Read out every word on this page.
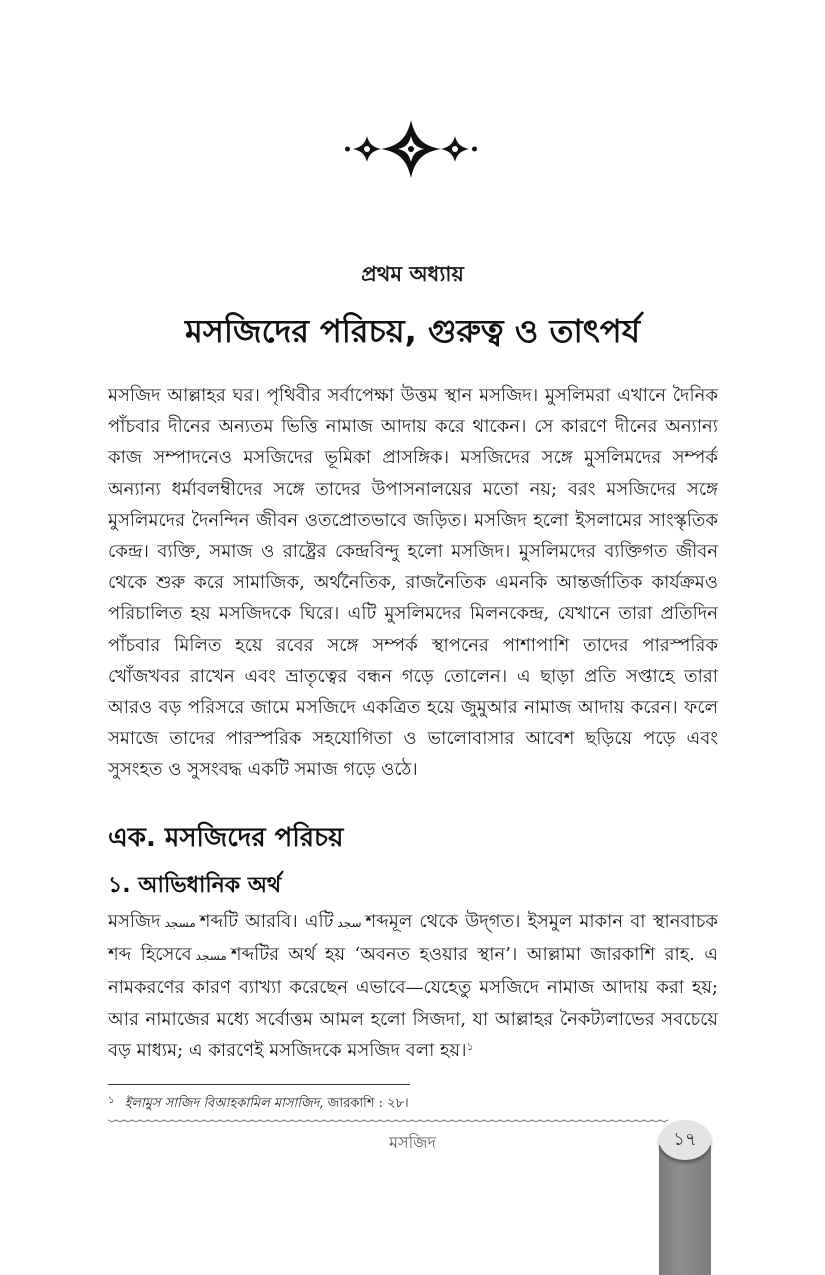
প্রথম অধ্যায়
মসজিদের পরিচয়, গুরুত্ব ও তাৎপর্য

মসজিদ আল্লাহর ঘর। পৃথিবীর সর্বাপেক্ষা উত্তম স্থান মসজিদ। মুসলিমরা এখানে দৈনিক পাঁচবার দীনের অন্যতম ভিত্তি নামাজ আদায় করে থাকেন। সে কারণে দীনের অন্যান্য কাজ সম্পাদনেও মসজিদের ভূমিকা প্রাসঙ্গিক। মসজিদের সঙ্গে মুসলিমদের সম্পর্ক অন্যান্য ধর্মাবলম্বীদের সঙ্গে তাদের উপাসনালয়ের মতো নয়; বরং মসজিদের সঙ্গে মুসলিমদের দৈনন্দিন জীবন ওতপ্রোতভাবে জড়িত। মসজিদ হলো ইসলামের সাংস্কৃতিক কেন্দ্র। ব্যক্তি, সমাজ ও রাষ্ট্রের কেন্দ্রবিন্দু হলো মসজিদ। মুসলিমদের ব্যক্তিগত জীবন থেকে শুরু করে সামাজিক, অর্থনৈতিক, রাজনৈতিক এমনকি আন্তর্জাতিক কার্যক্রমও পরিচালিত হয় মসজিদকে ঘিরে। এটি মুসলিমদের মিলনকেন্দ্র, যেখানে তারা প্রতিদিন পাঁচবার মিলিত হয়ে রবের সঙ্গে সম্পর্ক স্থাপনের পাশাপাশি তাদের পারস্পরিক খোঁজখবর রাখেন এবং ভ্রাতৃত্বের বন্ধন গড়ে তোলেন। এ ছাড়া প্রতি সপ্তাহে তারা আরও বড় পরিসরে জামে মসজিদে একত্রিত হয়ে জুমুআর নামাজ আদায় করেন। ফলে সমাজে তাদের পারস্পরিক সহযোগিতা ও ভালোবাসার আবেশ ছড়িয়ে পড়ে এবং সুসংহত ও সুসংবদ্ধ একটি সমাজ গড়ে ওঠে।

এক. মসজিদের পরিচয়
১. আভিধানিক অর্থ

মসজিদ مسجد শব্দটি আরবি। এটি سجد শব্দমূল থেকে উদ্‌গত। ইসমুল মাকান বা স্থানবাচক শব্দ হিসেবে مسجد শব্দটির অর্থ হয় ‘অবনত হওয়ার স্থান’। আল্লামা জারকাশি রাহ. এ নামকরণের কারণ ব্যাখ্যা করেছেন এভাবে—যেহেতু মসজিদে নামাজ আদায় করা হয়; আর নামাজের মধ্যে সর্বোত্তম আমল হলো সিজদা, যা আল্লাহর নৈকট্যলাভের সবচেয়ে বড় মাধ্যম; এ কারণেই মসজিদকে মসজিদ বলা হয়।$^১$

$^১$ ইলামুস সাজিদ বিআহকামিল মাসাজিদ, জারকাশি : ২৮।
মসজিদ	১৭
